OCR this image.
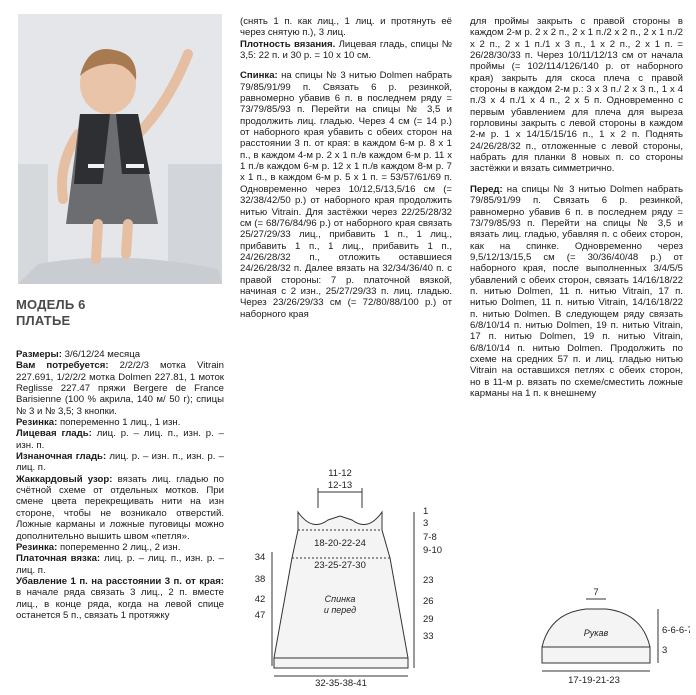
МОДЕЛЬ 6
ПЛАТЬЕ

Размеры: 3/6/12/24 месяца

Вам потребуется: 2/2/2/3 мотка Vitrain 227.691, 1/2/2/2 мотка Dolmen 227.81, 1 моток Reglisse 227.47 пряжи Bergere de France Barisienne (100 % акрила, 140 м/ 50 г); спицы № 3 и № 3,5; 3 кнопки.

Резинка: попеременно 1 лиц., 1 изн.

Лицевая гладь: лиц. р. – лиц. п., изн. р. – изн. п.

Изнаночная гладь: лиц. р. – изн. п., изн. р. – лиц. п.

Жаккардовый узор: вязать лиц. гладью по счётной схеме от отдельных мотков. При смене цвета перекрещивать нити на изн стороне, чтобы не возникало отверстий. Ложные карманы и ложные пуговицы можно дополнительно вышить швом «петля».

Резинка: попеременно 2 лиц., 2 изн.

Платочная вязка: лиц. р. – лиц. п., изн. р. – лиц. п.

Убавление 1 п. на расстоянии 3 п. от края: в начале ряда связать 3 лиц., 2 п. вместе лиц., в конце ряда, когда на левой спице останется 5 п., связать 1 протяжку

(снять 1 п. как лиц., 1 лиц. и протянуть её через снятую п.), 3 лиц.

Плотность вязания. Лицевая гладь, спицы № 3,5: 22 п. и 30 р. = 10 х 10 см.

Спинка: на спицы № 3 нитью Dolmen набрать 79/85/91/99 п. Связать 6 р. резинкой, равномерно убавив 6 п. в последнем ряду = 73/79/85/93 п. Перейти на спицы № 3,5 и продолжить лиц. гладью. Через 4 см (= 14 р.) от наборного края убавить с обеих сторон на расстоянии 3 п. от края: в каждом 6-м р. 8 х 1 п., в каждом 4-м р. 2 х 1 п./в каждом 6-м р. 11 х 1 п./в каждом 6-м р. 12 х 1 п./в каждом 8-м р. 7 х 1 п., в каждом 6-м р. 5 х 1 п. = 53/57/61/69 п. Одновременно через 10/12,5/13,5/16 см (= 32/38/42/50 р.) от наборного края продолжить нитью Vitrain. Для застёжки через 22/25/28/32 см (= 68/76/84/96 р.) от наборного края связать 25/27/29/33 лиц., прибавить 1 п., 1 лиц., прибавить 1 п., 1 лиц., прибавить 1 п., 24/26/28/32 п., отложить оставшиеся 24/26/28/32 п. Далее вязать на 32/34/36/40 п. с правой стороны: 7 р. платочной вязкой, начиная с 2 изн., 25/27/29/33 п. лиц. гладью. Через 23/26/29/33 см (= 72/80/88/100 р.) от наборного края

для проймы закрыть с правой стороны в каждом 2-м р. 2 х 2 п., 2 х 1 п./2 х 2 п., 2 х 1 п./2 х 2 п., 2 х 1 п./1 х 3 п., 1 х 2 п., 2 х 1 п. = 26/28/30/33 п. Через 10/11/12/13 см от начала проймы (= 102/114/126/140 р. от наборного края) закрыть для скоса плеча с правой стороны в каждом 2-м р.: 3 х 3 п./ 2 х 3 п., 1 х 4 п./3 х 4 п./1 х 4 п., 2 х 5 п. Одновременно с первым убавлением для плеча для выреза горловины закрыть с левой стороны в каждом 2-м р. 1 х 14/15/15/16 п., 1 х 2 п. Поднять 24/26/28/32 п., отложенные с левой стороны, набрать для планки 8 новых п. со стороны застёжки и вязать симметрично.

Перед: на спицы № 3 нитью Dolmen набрать 79/85/91/99 п. Связать 6 р. резинкой, равномерно убавив 6 п. в последнем ряду = 73/79/85/93 п. Перейти на спицы № 3,5 и вязать лиц. гладью, убавляя п. с обеих сторон, как на спинке. Одновременно через 9,5/12/13/15,5 см (= 30/36/40/48 р.) от наборного края, после выполненных 3/4/5/5 убавлений с обеих сторон, связать 14/16/18/22 п. нитью Dolmen, 11 п. нитью Vitrain, 17 п. нитью Dolmen, 11 п. нитью Vitrain, 14/16/18/22 п. нитью Dolmen. В следующем ряду связать 6/8/10/14 п. нитью Dolmen, 19 п. нитью Vitrain, 17 п. нитью Dolmen, 19 п. нитью Vitrain, 6/8/10/14 п. нитью Dolmen. Продолжить по схеме на средних 57 п. и лиц. гладью нитью Vitrain на оставшихся петлях с обеих сторон, но в 11-м р. вязать по схеме/сместить ложные карманы на 1 п. к внешнему

11-12
12-13
18-20-22-24
23-25-27-30
Спинка
и перед
32-35-38-41
34
38
42
47
1
3
7-8
9-10
23
26
29
33
7
Рукав	6-6-6-7
3
17-19-21-23
